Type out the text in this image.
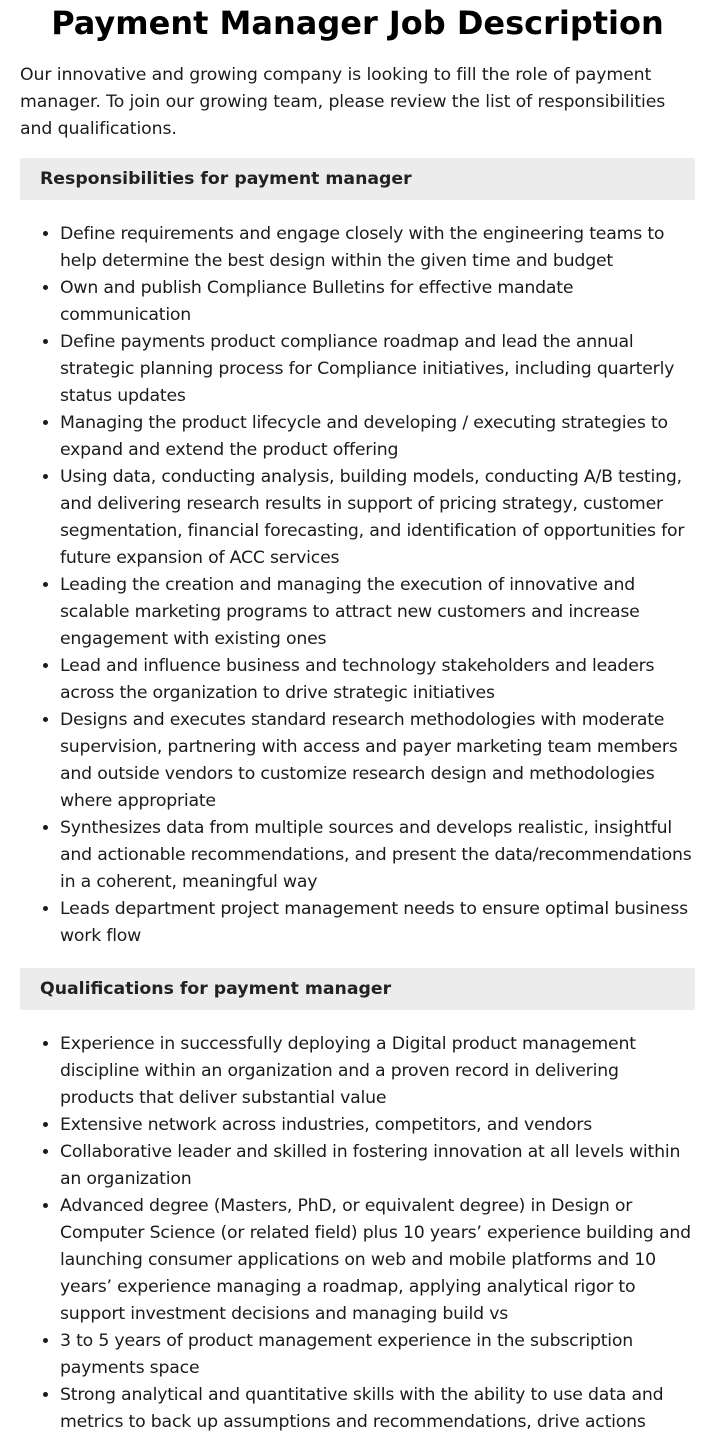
Payment Manager Job Description

Our innovative and growing company is looking to fill the role of payment manager. To join our growing team, please review the list of responsibilities and qualifications.

Responsibilities for payment manager
• Define requirements and engage closely with the engineering teams to help determine the best design within the given time and budget
• Own and publish Compliance Bulletins for effective mandate communication
• Define payments product compliance roadmap and lead the annual strategic planning process for Compliance initiatives, including quarterly status updates
• Managing the product lifecycle and developing / executing strategies to expand and extend the product offering
• Using data, conducting analysis, building models, conducting A/B testing, and delivering research results in support of pricing strategy, customer segmentation, financial forecasting, and identification of opportunities for future expansion of ACC services
• Leading the creation and managing the execution of innovative and scalable marketing programs to attract new customers and increase engagement with existing ones
• Lead and influence business and technology stakeholders and leaders across the organization to drive strategic initiatives
• Designs and executes standard research methodologies with moderate supervision, partnering with access and payer marketing team members and outside vendors to customize research design and methodologies where appropriate
• Synthesizes data from multiple sources and develops realistic, insightful and actionable recommendations, and present the data/recommendations in a coherent, meaningful way
• Leads department project management needs to ensure optimal business work flow
Qualifications for payment manager
• Experience in successfully deploying a Digital product management discipline within an organization and a proven record in delivering products that deliver substantial value
• Extensive network across industries, competitors, and vendors
• Collaborative leader and skilled in fostering innovation at all levels within an organization
• Advanced degree (Masters, PhD, or equivalent degree) in Design or Computer Science (or related field) plus 10 years’ experience building and launching consumer applications on web and mobile platforms and 10 years’ experience managing a roadmap, applying analytical rigor to support investment decisions and managing build vs
• 3 to 5 years of product management experience in the subscription payments space
• Strong analytical and quantitative skills with the ability to use data and metrics to back up assumptions and recommendations, drive actions
